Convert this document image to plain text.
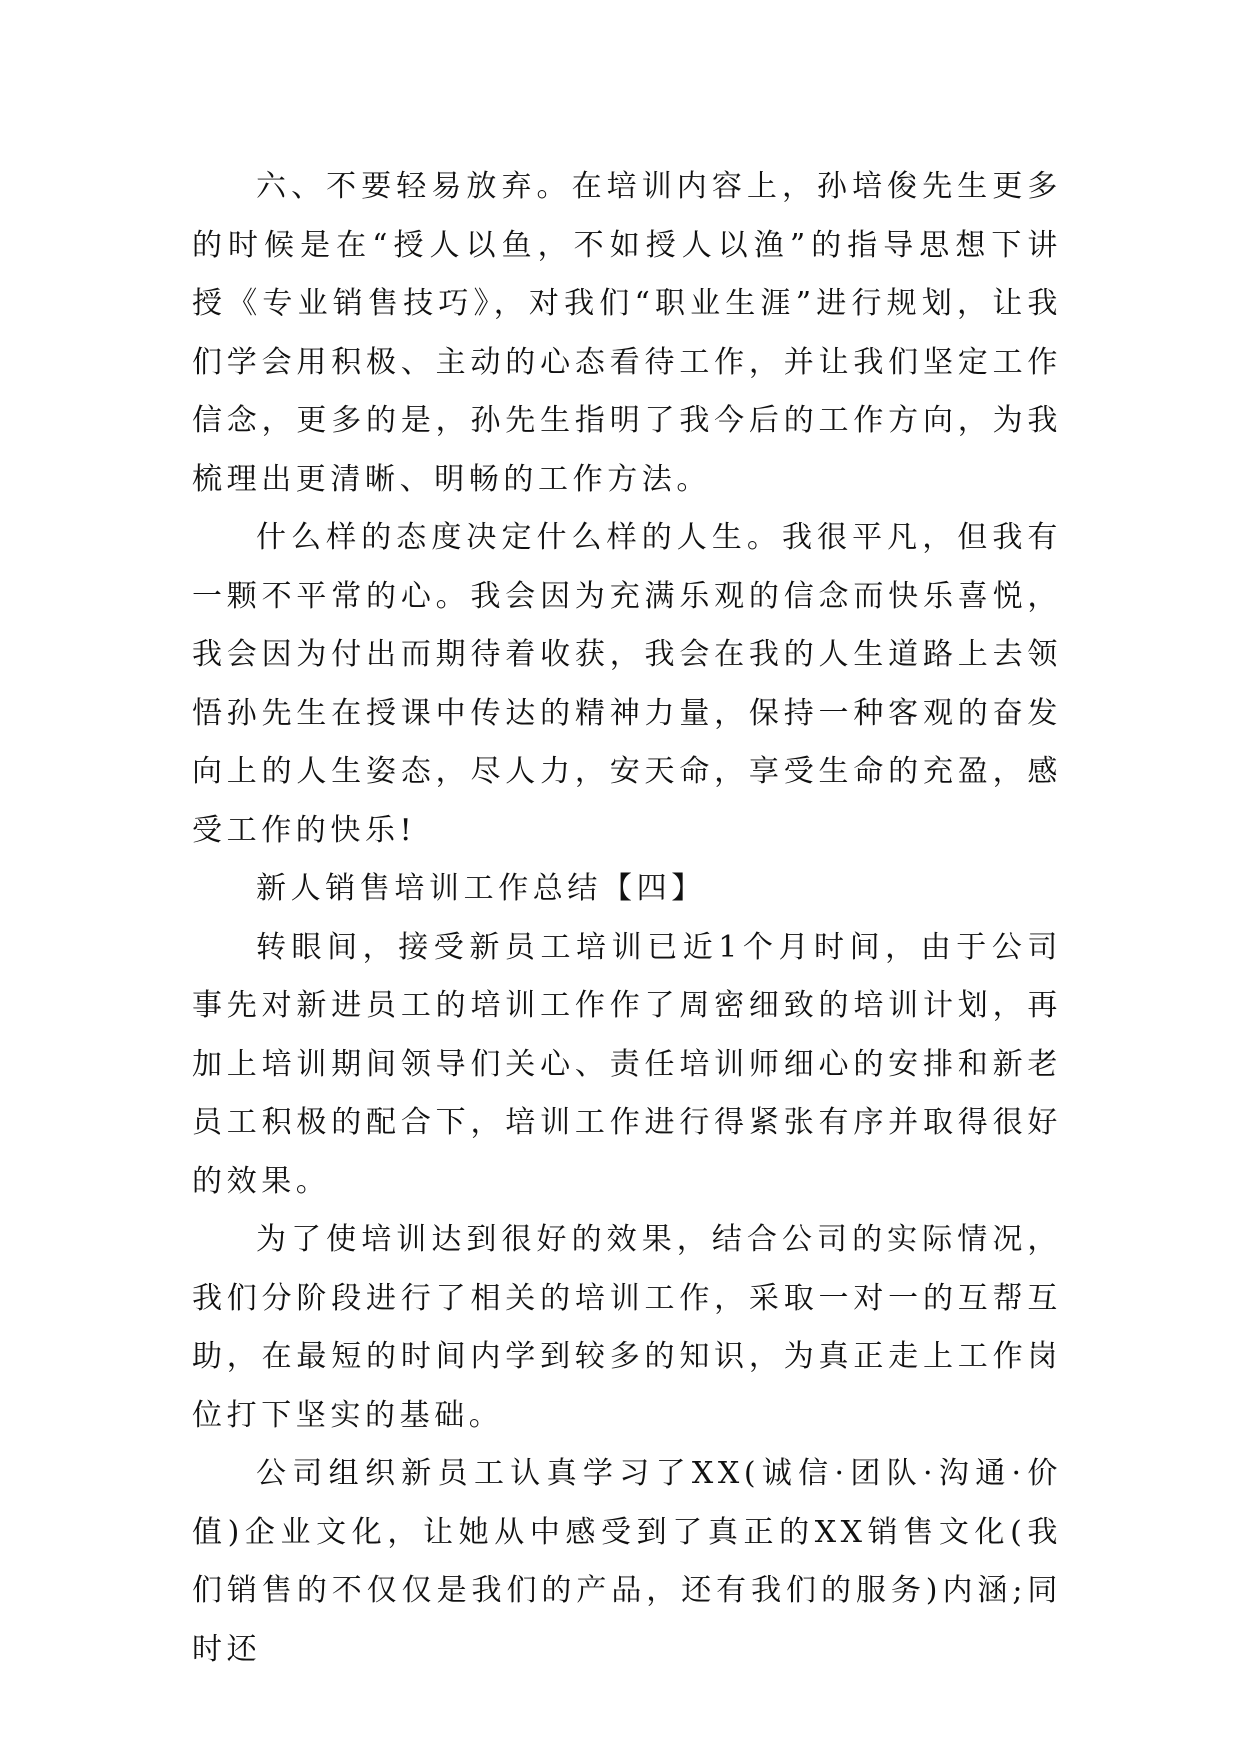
六、不要轻易放弃。在培训内容上，孙培俊先生更多的时候是在“授人以鱼，不如授人以渔”的指导思想下讲授《专业销售技巧》，对我们“职业生涯”进行规划，让我们学会用积极、主动的心态看待工作，并让我们坚定工作信念，更多的是，孙先生指明了我今后的工作方向，为我梳理出更清晰、明畅的工作方法。

什么样的态度决定什么样的人生。我很平凡，但我有一颗不平常的心。我会因为充满乐观的信念而快乐喜悦，我会因为付出而期待着收获，我会在我的人生道路上去领悟孙先生在授课中传达的精神力量，保持一种客观的奋发向上的人生姿态，尽人力，安天命，享受生命的充盈，感受工作的快乐!

新人销售培训工作总结【四】

转眼间，接受新员工培训已近1个月时间，由于公司事先对新进员工的培训工作作了周密细致的培训计划，再加上培训期间领导们关心、责任培训师细心的安排和新老员工积极的配合下，培训工作进行得紧张有序并取得很好的效果。

为了使培训达到很好的效果，结合公司的实际情况，我们分阶段进行了相关的培训工作，采取一对一的互帮互助，在最短的时间内学到较多的知识，为真正走上工作岗位打下坚实的基础。

公司组织新员工认真学习了XX(诚信·团队·沟通·价值)企业文化，让她从中感受到了真正的XX销售文化(我们销售的不仅仅是我们的产品，还有我们的服务)内涵;同时还
